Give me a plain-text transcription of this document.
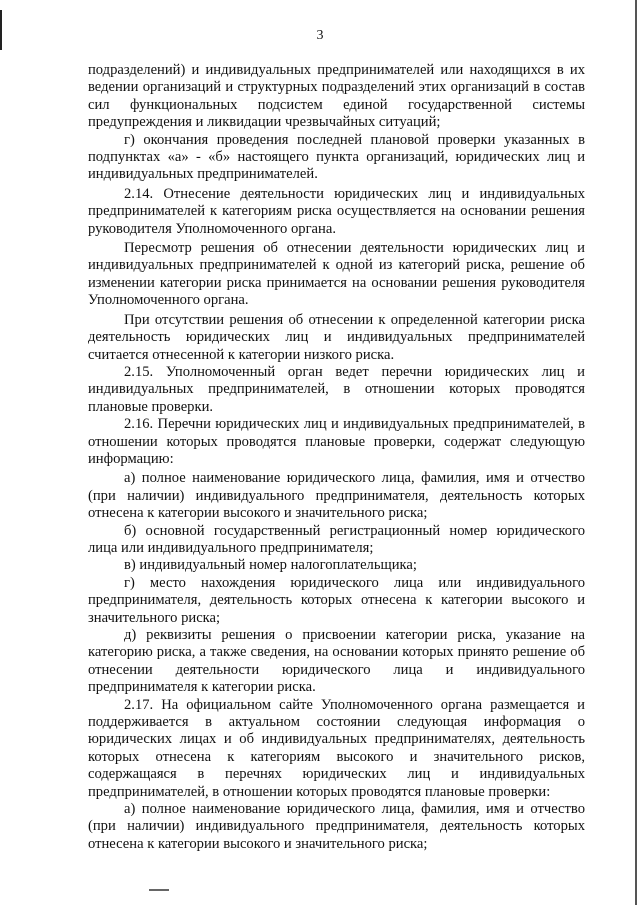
3

подразделений) и индивидуальных предпринимателей или находящихся в их ведении организаций и структурных подразделений этих организаций в состав сил функциональных подсистем единой государственной системы предупреждения и ликвидации чрезвычайных ситуаций;

г) окончания проведения последней плановой проверки указанных в подпунктах «а» - «б» настоящего пункта организаций, юридических лиц и индивидуальных предпринимателей.

2.14. Отнесение деятельности юридических лиц и индивидуальных предпринимателей к категориям риска осуществляется на основании решения руководителя Уполномоченного органа.

Пересмотр решения об отнесении деятельности юридических лиц и индивидуальных предпринимателей к одной из категорий риска, решение об изменении категории риска принимается на основании решения руководителя Уполномоченного органа.

При отсутствии решения об отнесении к определенной категории риска деятельность юридических лиц и индивидуальных предпринимателей считается отнесенной к категории низкого риска.

2.15. Уполномоченный орган ведет перечни юридических лиц и индивидуальных предпринимателей, в отношении которых проводятся плановые проверки.

2.16. Перечни юридических лиц и индивидуальных предпринимателей, в отношении которых проводятся плановые проверки, содержат следующую информацию:

а) полное наименование юридического лица, фамилия, имя и отчество (при наличии) индивидуального предпринимателя, деятельность которых отнесена к категории высокого и значительного риска;

б) основной государственный регистрационный номер юридического лица или индивидуального предпринимателя;

в) индивидуальный номер налогоплательщика;

г) место нахождения юридического лица или индивидуального предпринимателя, деятельность которых отнесена к категории высокого и значительного риска;

д) реквизиты решения о присвоении категории риска, указание на категорию риска, а также сведения, на основании которых принято решение об отнесении деятельности юридического лица и индивидуального предпринимателя к категории риска.

2.17. На официальном сайте Уполномоченного органа размещается и поддерживается в актуальном состоянии следующая информация о юридических лицах и об индивидуальных предпринимателях, деятельность которых отнесена к категориям высокого и значительного рисков, содержащаяся в перечнях юридических лиц и индивидуальных предпринимателей, в отношении которых проводятся плановые проверки:

а) полное наименование юридического лица, фамилия, имя и отчество (при наличии) индивидуального предпринимателя, деятельность которых отнесена к категории высокого и значительного риска;
